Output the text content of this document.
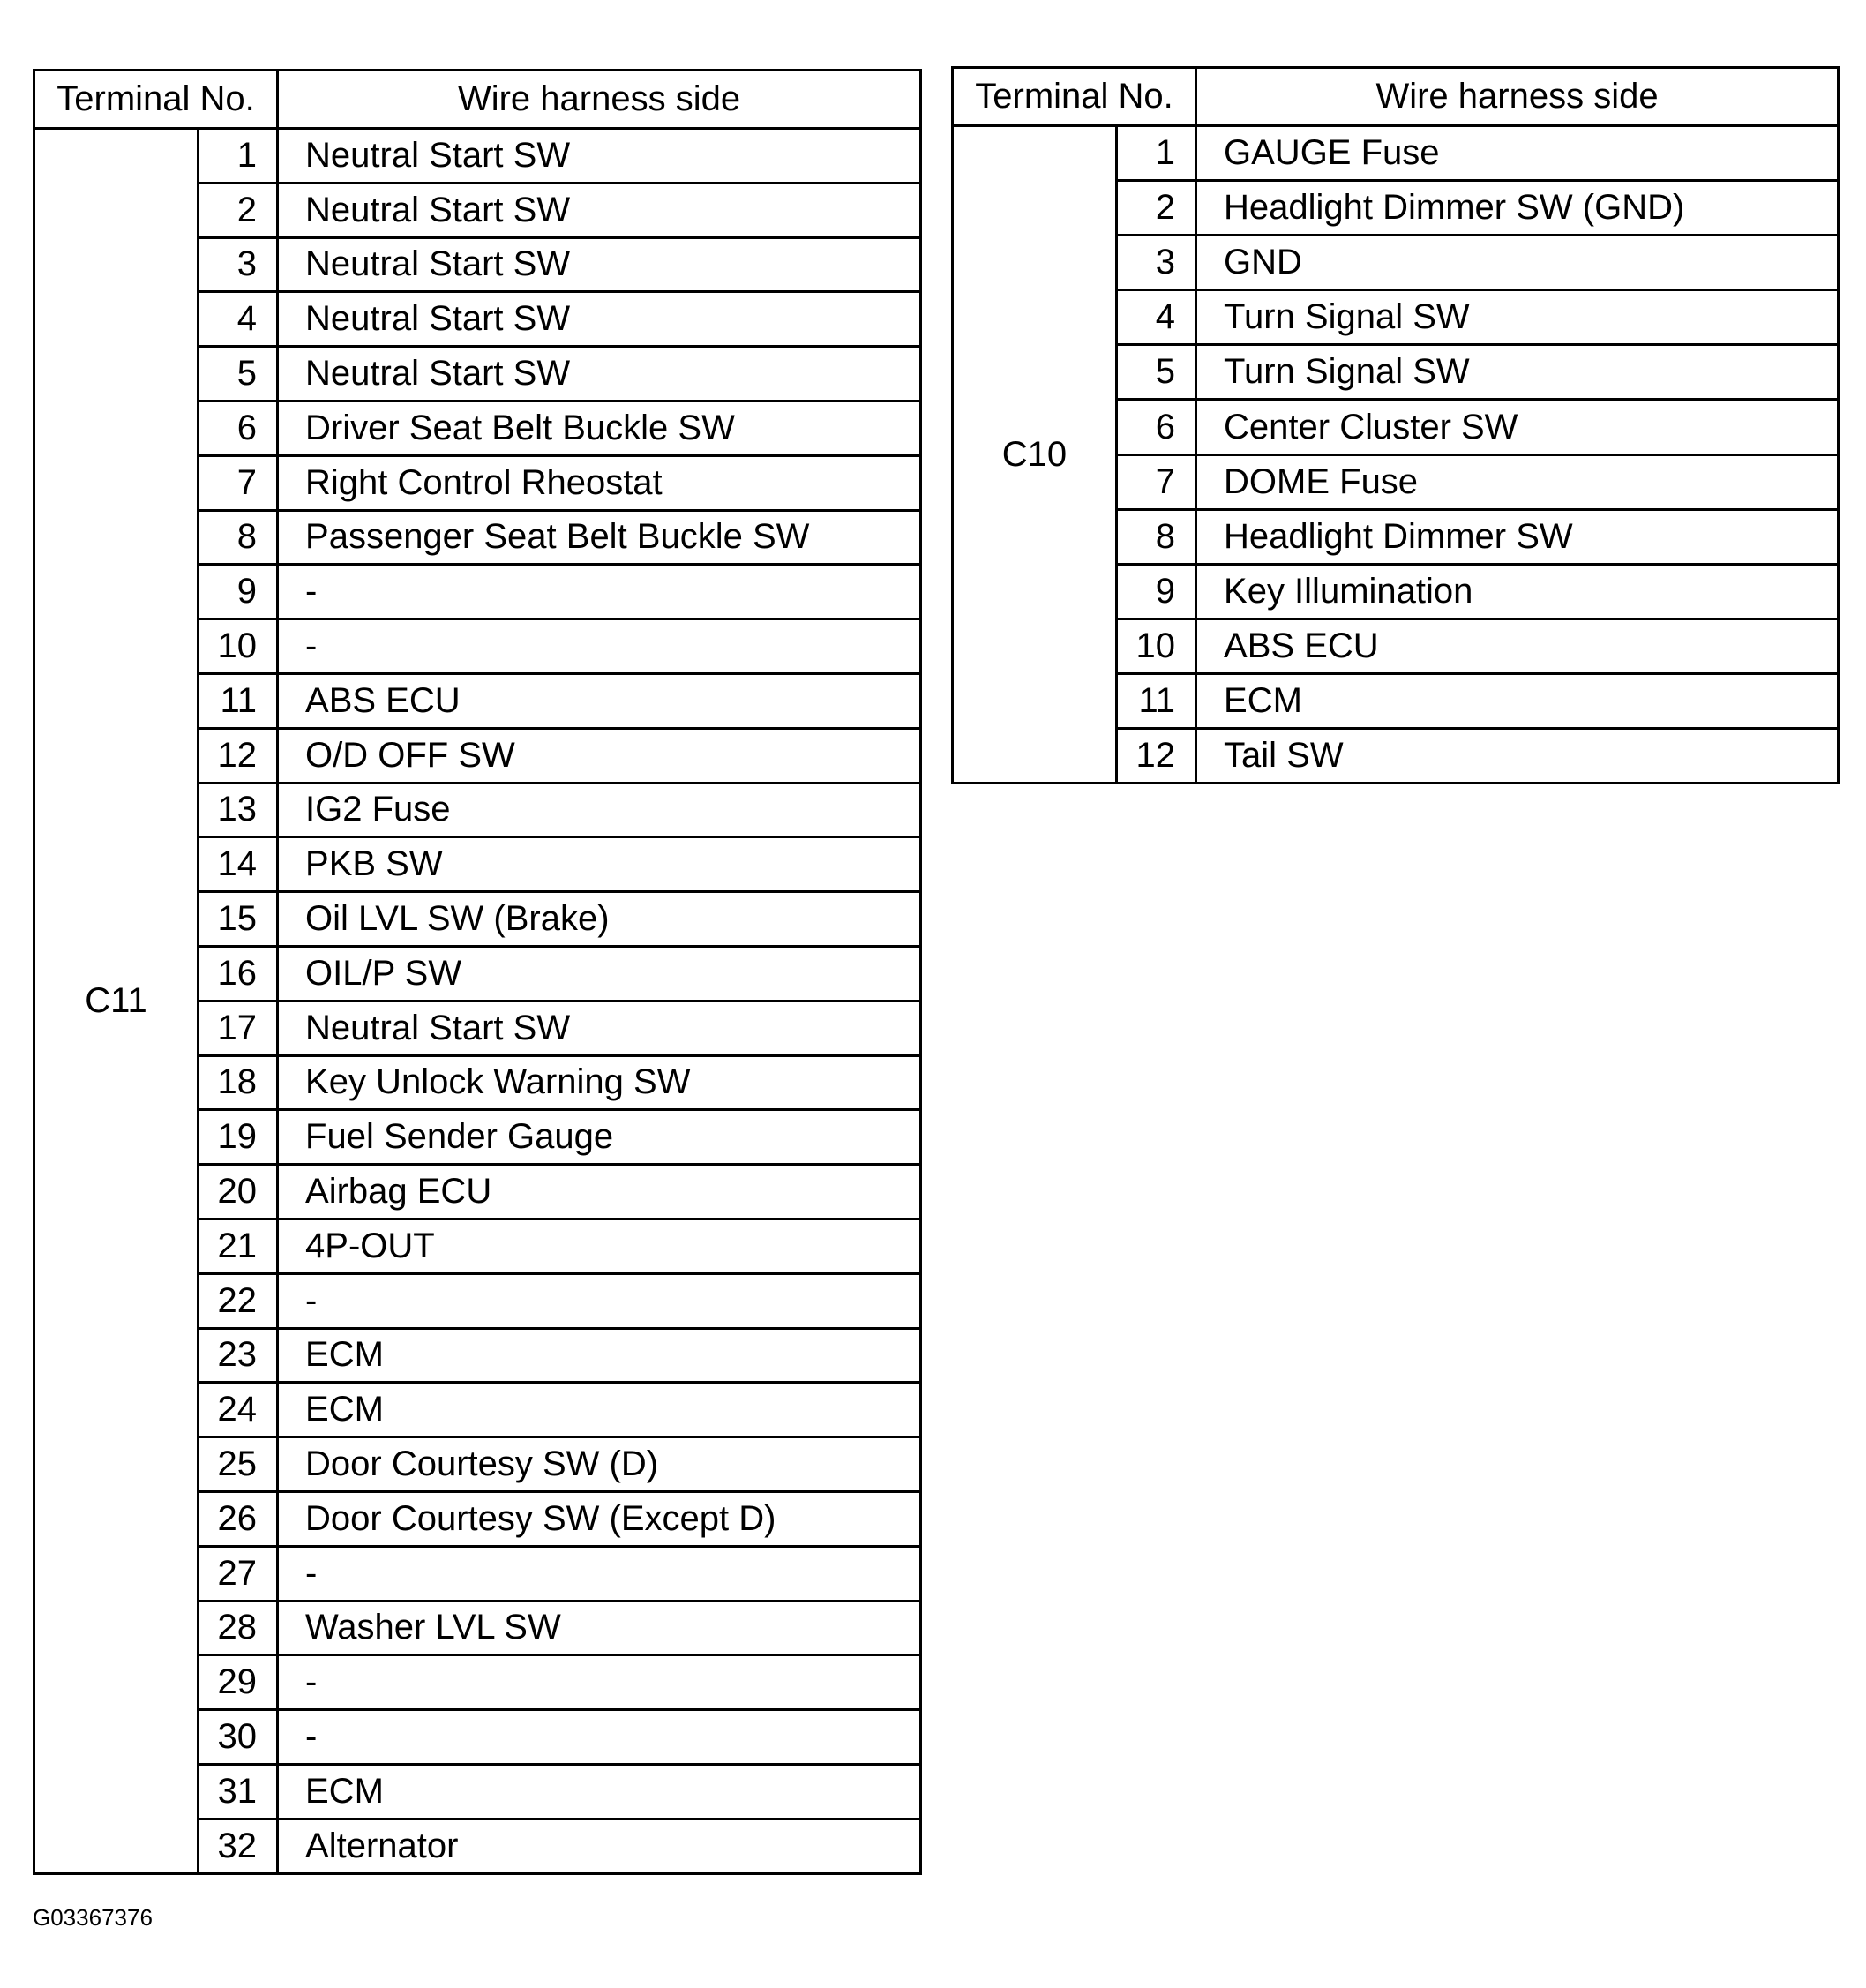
Terminal No.		Wire harness side
C11	1	Neutral Start SW
	2	Neutral Start SW
	3	Neutral Start SW
	4	Neutral Start SW
	5	Neutral Start SW
	6	Driver Seat Belt Buckle SW
	7	Right Control Rheostat
	8	Passenger Seat Belt Buckle SW
	9	-
	10	-
	11	ABS ECU
	12	O/D OFF SW
	13	IG2 Fuse
	14	PKB SW
	15	Oil LVL SW (Brake)
	16	OIL/P SW
	17	Neutral Start SW
	18	Key Unlock Warning SW
	19	Fuel Sender Gauge
	20	Airbag ECU
	21	4P-OUT
	22	-
	23	ECM
	24	ECM
	25	Door Courtesy SW (D)
	26	Door Courtesy SW (Except D)
	27	-
	28	Washer LVL SW
	29	-
	30	-
	31	ECM
	32	Alternator
Terminal No.		Wire harness side
C10	1	GAUGE Fuse
	2	Headlight Dimmer SW (GND)
	3	GND
	4	Turn Signal SW
	5	Turn Signal SW
	6	Center Cluster SW
	7	DOME Fuse
	8	Headlight Dimmer SW
	9	Key Illumination
	10	ABS ECU
	11	ECM
	12	Tail SW
G03367376
